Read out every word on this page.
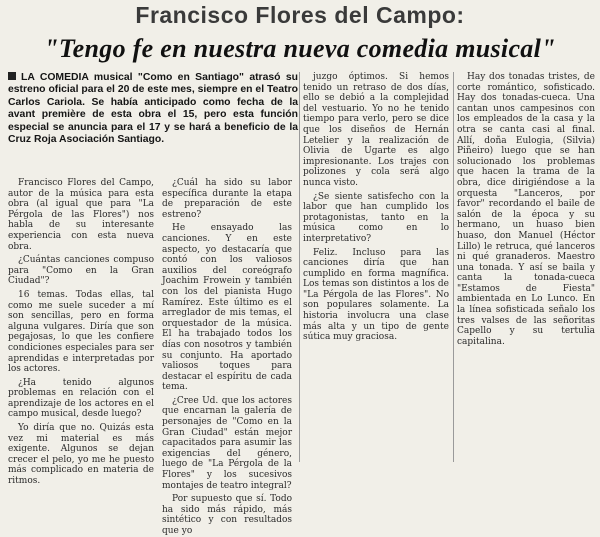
Francisco Flores del Campo:
"Tengo fe en nuestra nueva comedia musical"
LA COMEDIA musical "Como en Santiago" atrasó su estreno oficial para el 20 de este mes, siempre en el Teatro Carlos Cariola. Se había anticipado como fecha de la avant première de esta obra el 15, pero esta función especial se anuncia para el 17 y se hará a beneficio de la Cruz Roja Asociación Santiago.

Francisco Flores del Campo, autor de la música para esta obra (al igual que para "La Pérgola de las Flores") nos habla de su interesante experiencia con esta nueva obra.

¿Cuántas canciones compuso para "Como en la Gran Ciudad"?

16 temas. Todas ellas, tal como me suele suceder a mí son sencillas, pero en forma alguna vulgares. Diría que son pegajosas, lo que les confiere condiciones especiales para ser aprendidas e interpretadas por los actores.

¿Ha tenido algunos problemas en relación con el aprendizaje de los actores en el campo musical, desde luego?

Yo diría que no. Quizás esta vez mi material es más exigente. Algunos se dejan crecer el pelo, yo me he puesto más complicado en materia de ritmos.

¿Cuál ha sido su labor específica durante la etapa de preparación de este estreno?

He ensayado las canciones. Y en este aspecto, yo destacaría que contó con los valiosos auxilios del coreógrafo Joachim Frowein y también con los del pianista Hugo Ramírez. Este último es el arreglador de mis temas, el orquestador de la música. El ha trabajado todos los días con nosotros y también su conjunto. Ha aportado valiosos toques para destacar el espíritu de cada tema.

¿Cree Ud. que los actores que encarnan la galería de personajes de "Como en la Gran Ciudad" están mejor capacitados para asumir las exigencias del género, luego de "La Pérgola de la Flores" y los sucesivos montajes de teatro integral?

Por supuesto que sí. Todo ha sido más rápido, más sintético y con resultados que yo

juzgo óptimos. Si hemos tenido un retraso de dos días, ello se debió a la complejidad del vestuario. Yo no he tenido tiempo para verlo, pero se dice que los diseños de Hernán Letelier y la realización de Olivia de Ugarte es algo impresionante. Los trajes con polizones y cola será algo nunca visto.

¿Se siente satisfecho con la labor que han cumplido los protagonistas, tanto en la música como en lo interpretativo?

Feliz. Incluso para las canciones diría que han cumplido en forma magnífica. Los temas son distintos a los de "La Pérgola de las Flores". No son populares solamente. La historia involucra una clase más alta y un tipo de gente sútica muy graciosa.

Hay dos tonadas tristes, de corte romántico, sofisticado. Hay dos tonadas-cueca. Una cantan unos campesinos con los empleados de la casa y la otra se canta casi al final. Allí, doña Eulogia, (Silvia) Piñeiro) luego que se han solucionado los problemas que hacen la trama de la obra, dice dirigiéndose a la orquesta "Lanceros, por favor" recordando el baile de salón de la época y su hermano, un huaso bien huaso, don Manuel (Héctor Lillo) le retruca, qué lanceros ni qué granaderos. Maestro una tonada. Y así se baila y canta la tonada-cueca "Estamos de Fiesta" ambientada en Lo Lunco. En la línea sofisticada señalo los tres valses de las señoritas Capello y su tertulia capitalina.
